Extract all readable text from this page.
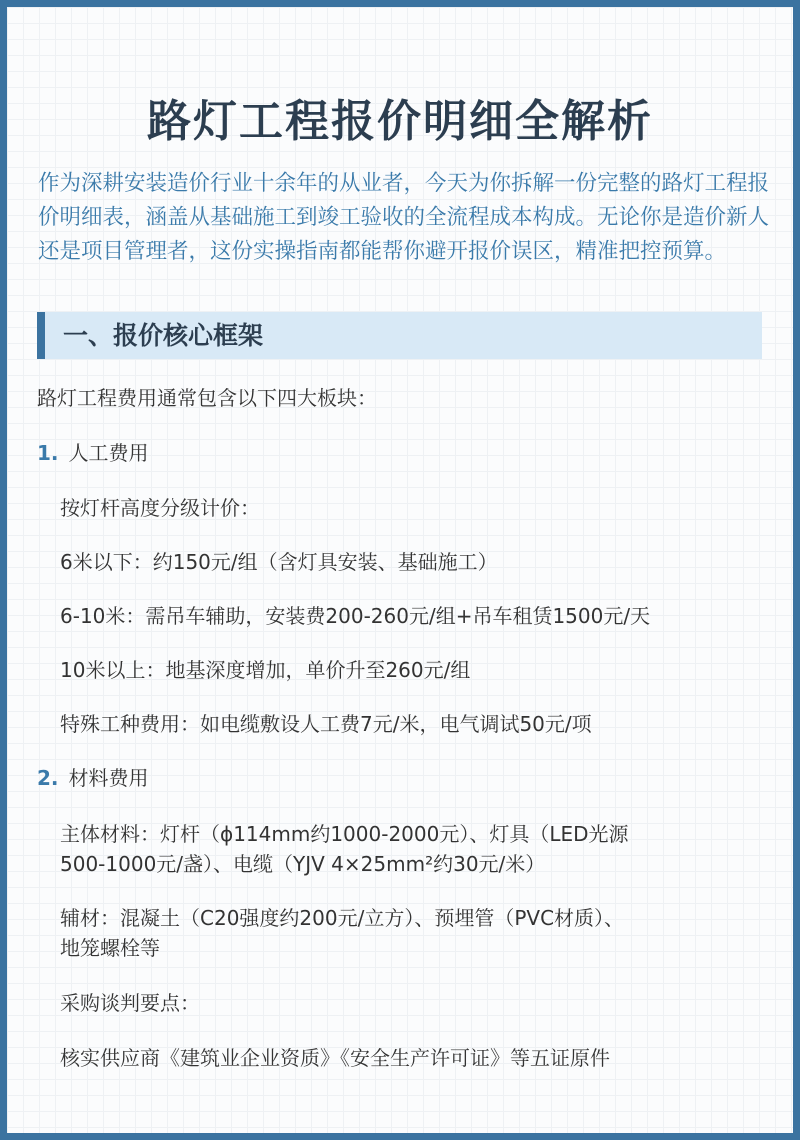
路灯工程报价明细全解析
作为深耕安装造价行业十余年的从业者，今天为你拆解一份完整的路灯工程报价明细表，涵盖从基础施工到竣工验收的全流程成本构成。无论你是造价新人还是项目管理者，这份实操指南都能帮你避开报价误区，精准把控预算。
一、报价核心框架
路灯工程费用通常包含以下四大板块：
1. 人工费用
按灯杆高度分级计价：
6米以下：约150元/组（含灯具安装、基础施工）
6-10米：需吊车辅助，安装费200-260元/组+吊车租赁1500元/天
10米以上：地基深度增加，单价升至260元/组
特殊工种费用：如电缆敷设人工费7元/米，电气调试50元/项
2. 材料费用
主体材料：灯杆（ϕ114mm约1000-2000元）、灯具（LED光源
500-1000元/盏）、电缆（YJV 4×25mm²约30元/米）
辅材：混凝土（C20强度约200元/立方）、预埋管（PVC材质）、
地笼螺栓等
采购谈判要点：
核实供应商《建筑业企业资质》《安全生产许可证》等五证原件
